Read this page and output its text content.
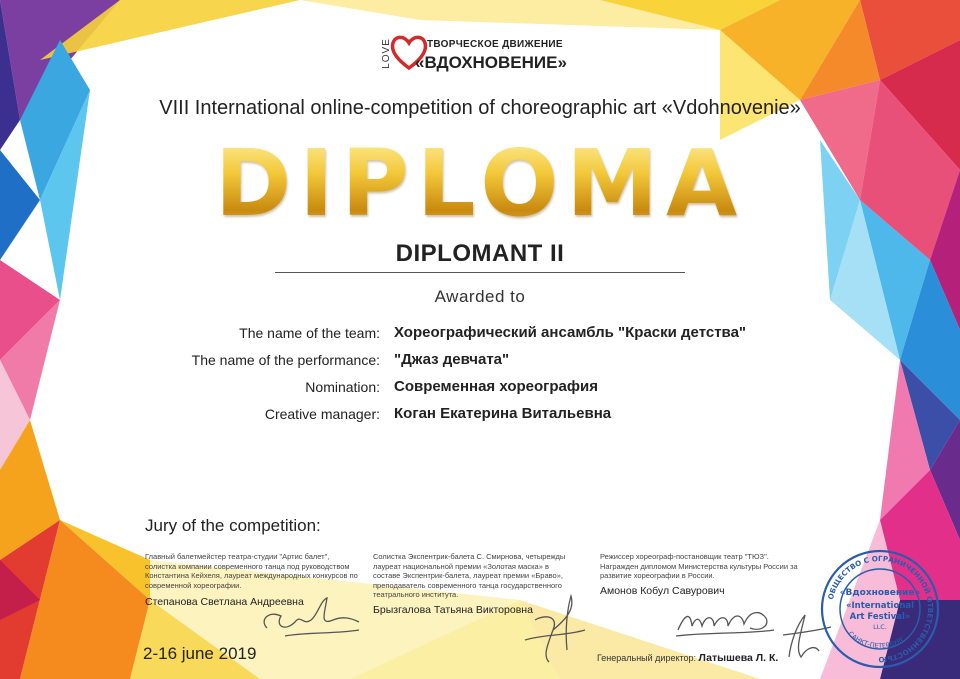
LOVE	ТВОРЧЕСКОЕ ДВИЖЕНИЕ
«ВДОХНОВЕНИЕ»
VIII International online-competition of choreographic art «Vdohnovenie»
DIPLOMA
DIPLOMANT II
Awarded to
The name of the team: Хореографический ансамбль "Краски детства"
The name of the performance: "Джаз девчата"
Nomination: Современная хореография
Creative manager: Коган Екатерина Витальевна
Jury of the competition:
Главный балетмейстер театра-студии "Артис балет", солистка компании современного танца под руководством Константина Кейхеля, лауреат международных конкурсов по современной хореографии.
Степанова Светлана Андреевна
Солистка Экспентрик-балета С. Смирнова, четырежды лауреат национальной премии «Золотая маска» в составе Экспентрик-балета, лауреат премии «Браво», преподаватель современного танца государственного театрального института.
Брызгалова Татьяна Викторовна
Режиссер хореограф-постановщик театр "ТЮЗ". Награжден дипломом Министерства культуры России за развитие хореографии в России.
Амонов Кобул Савурович
2-16 june 2019	Генеральный директор: Латышева Л. К.
ОБЩЕСТВО С ОГРАНИЧЕННОЙ ОТВЕТСТВЕННОСТЬЮ
САНКТ-ПЕТЕРБУРГ
«Вдохновение»
«International
Art Festival»
LLC.
